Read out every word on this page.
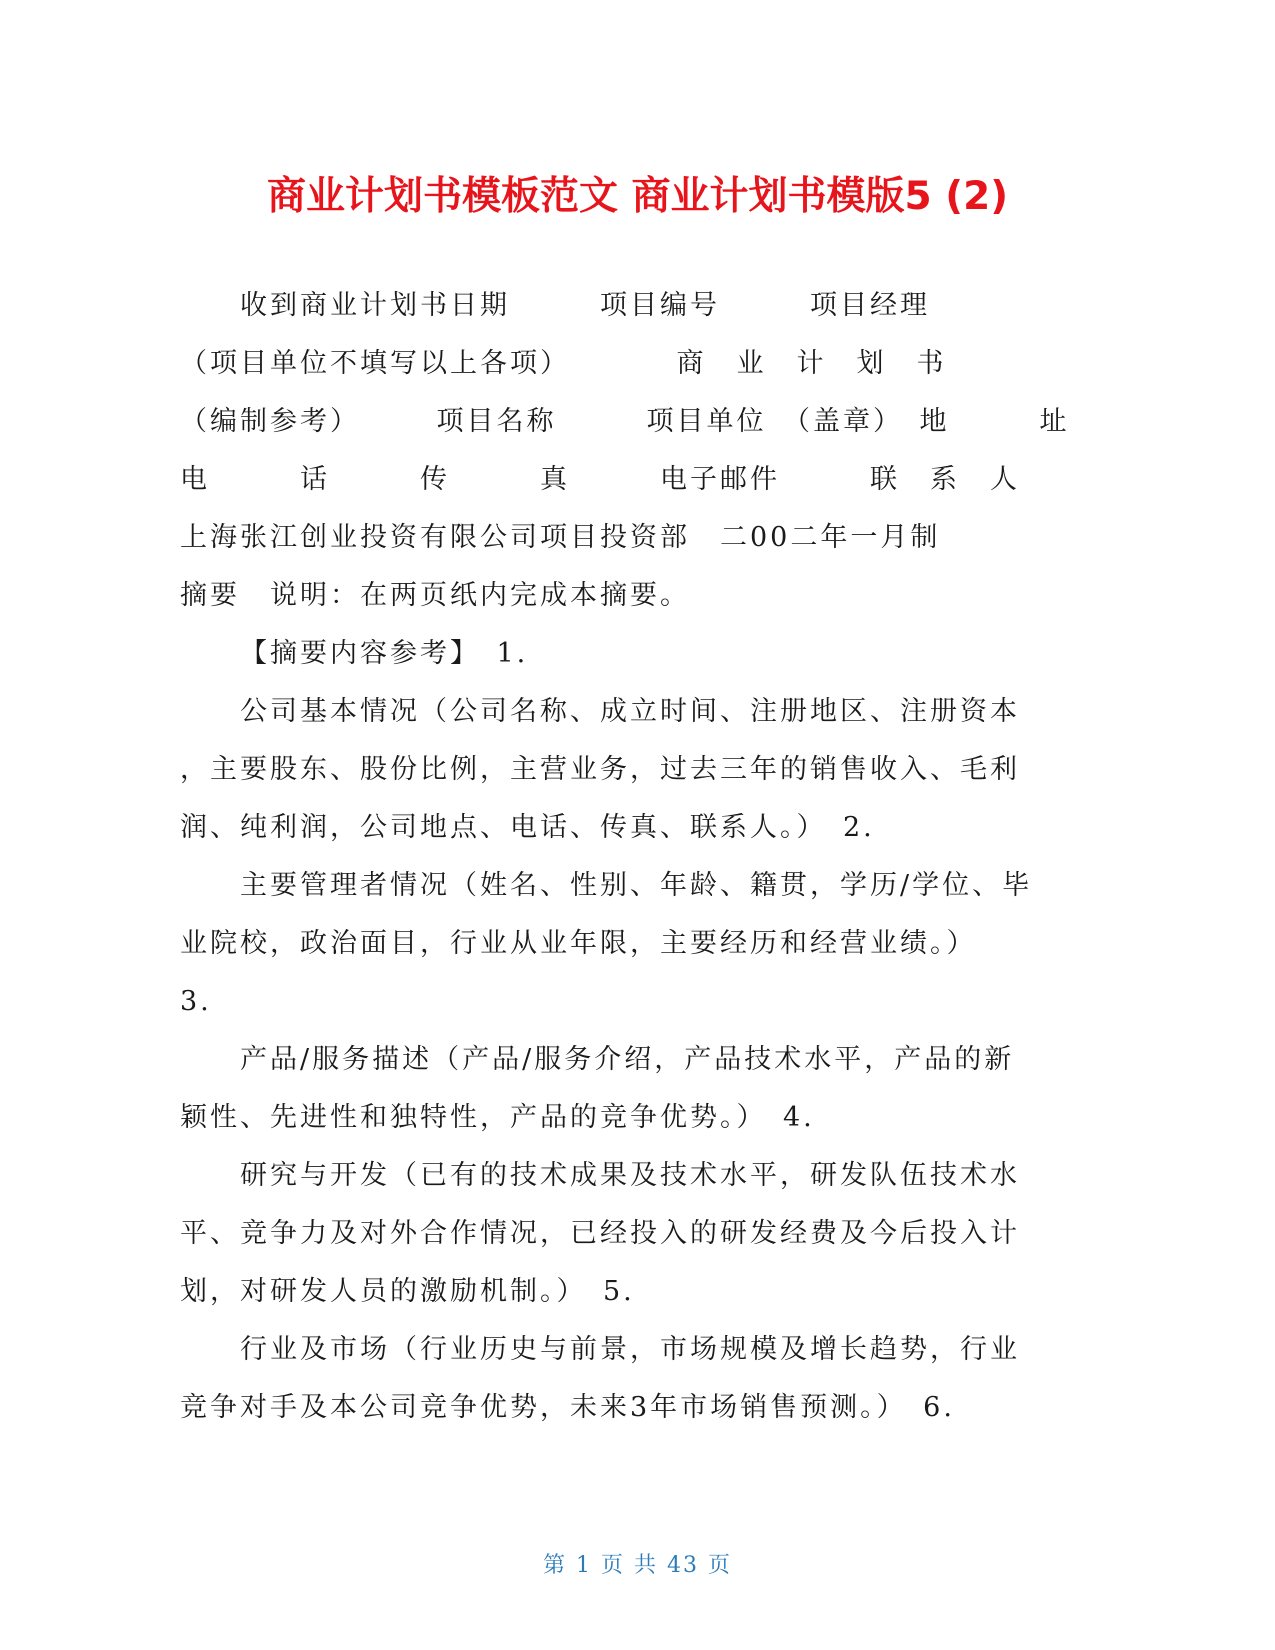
商业计划书模板范文 商业计划书模版5 (2)

收到商业计划书日期　　　项目编号　　　项目经理

（项目单位不填写以上各项）　　　　商　业　计　划　书

（编制参考）　　　项目名称　　　项目单位　（盖章）　地　　　址

电　　　话　　　传　　　真　　　电子邮件　　　联　系　人

上海张江创业投资有限公司项目投资部　二00二年一月制

摘要　说明：在两页纸内完成本摘要。

【摘要内容参考】　1.

公司基本情况（公司名称、成立时间、注册地区、注册资本

，主要股东、股份比例，主营业务，过去三年的销售收入、毛利

润、纯利润，公司地点、电话、传真、联系人。）　2.

主要管理者情况（姓名、性别、年龄、籍贯，学历/学位、毕

业院校，政治面目，行业从业年限，主要经历和经营业绩。）

3.

产品/服务描述（产品/服务介绍，产品技术水平，产品的新

颖性、先进性和独特性，产品的竞争优势。）　4.

研究与开发（已有的技术成果及技术水平，研发队伍技术水

平、竞争力及对外合作情况，已经投入的研发经费及今后投入计

划，对研发人员的激励机制。）　5.

行业及市场（行业历史与前景，市场规模及增长趋势，行业

竞争对手及本公司竞争优势，未来3年市场销售预测。）　6.

第 1 页 共 43 页
